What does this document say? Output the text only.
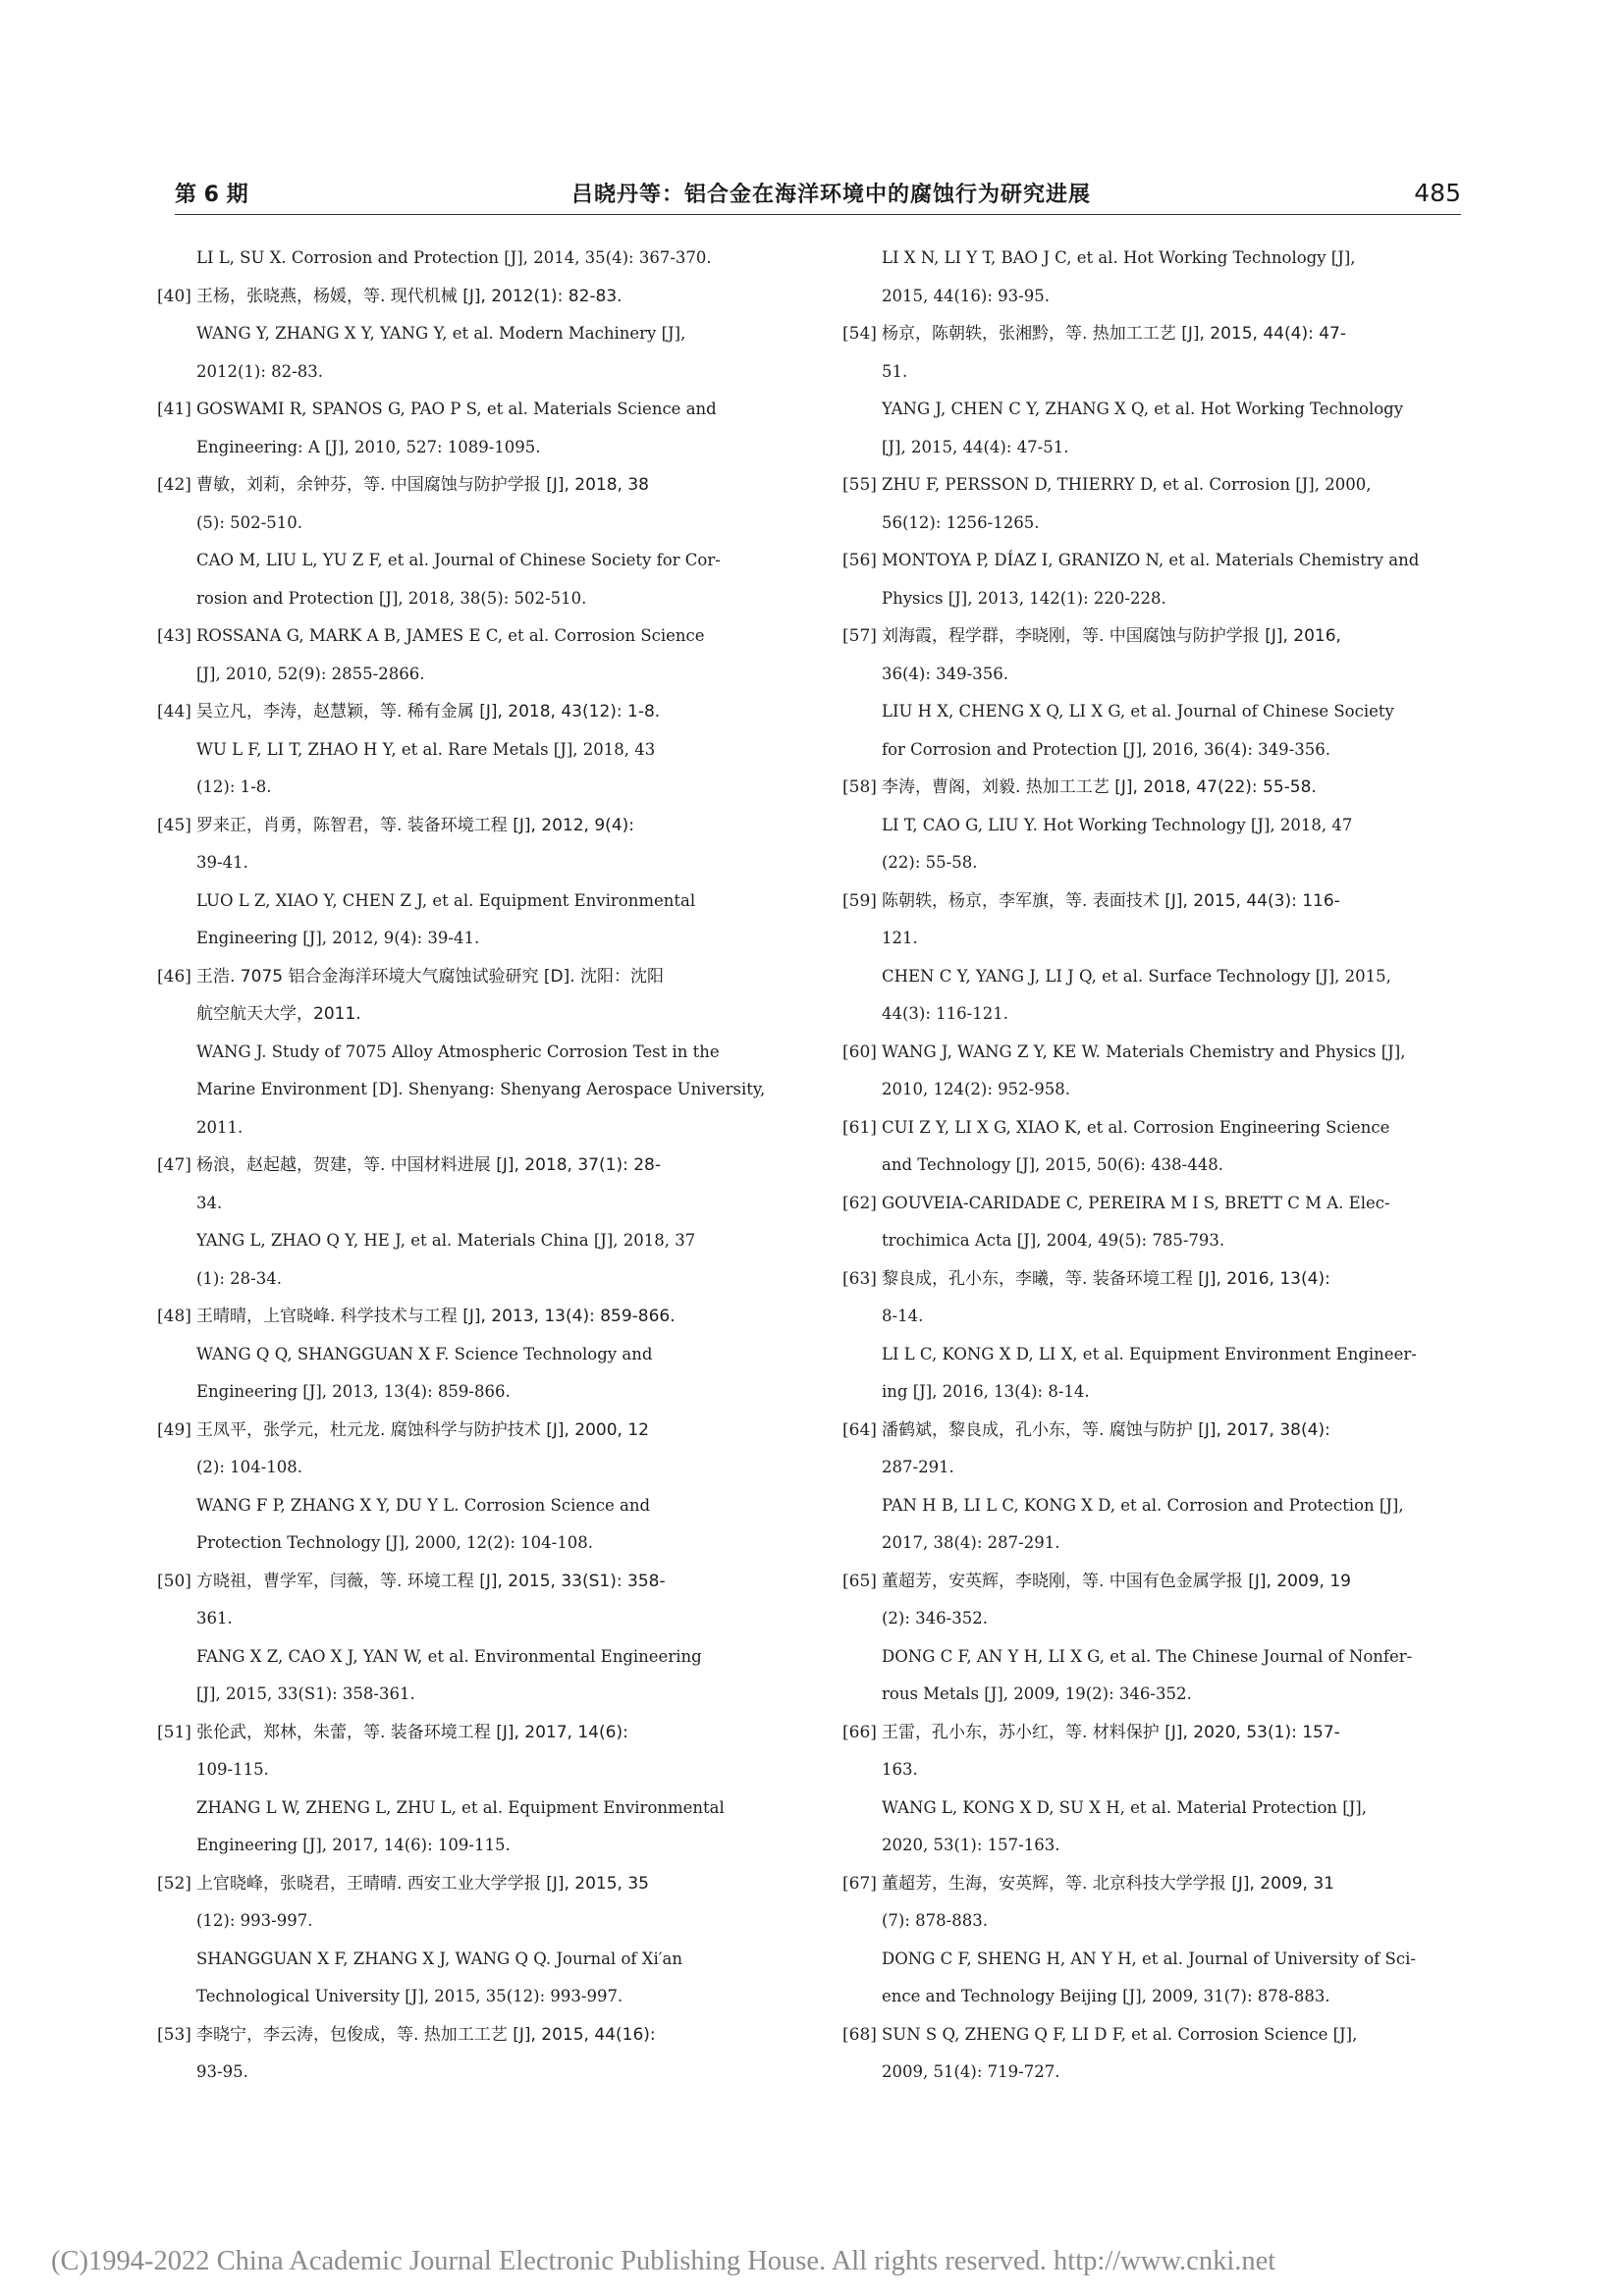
第 6 期	吕晓丹等：铝合金在海洋环境中的腐蚀行为研究进展	485
LI L, SU X. Corrosion and Protection [J], 2014, 35(4): 367-370.
[40] 王杨，张晓燕，杨媛，等. 现代机械 [J], 2012(1): 82-83.
WANG Y, ZHANG X Y, YANG Y, et al. Modern Machinery [J],
2012(1): 82-83.
[41] GOSWAMI R, SPANOS G, PAO P S, et al. Materials Science and
Engineering: A [J], 2010, 527: 1089-1095.
[42] 曹敏，刘莉，余钟芬，等. 中国腐蚀与防护学报 [J], 2018, 38
(5): 502-510.
CAO M, LIU L, YU Z F, et al. Journal of Chinese Society for Cor-
rosion and Protection [J], 2018, 38(5): 502-510.
[43] ROSSANA G, MARK A B, JAMES E C, et al. Corrosion Science
[J], 2010, 52(9): 2855-2866.
[44] 吴立凡，李涛，赵慧颖，等. 稀有金属 [J], 2018, 43(12): 1-8.
WU L F, LI T, ZHAO H Y, et al. Rare Metals [J], 2018, 43
(12): 1-8.
[45] 罗来正，肖勇，陈智君，等. 装备环境工程 [J], 2012, 9(4):
39-41.
LUO L Z, XIAO Y, CHEN Z J, et al. Equipment Environmental
Engineering [J], 2012, 9(4): 39-41.
[46] 王浩. 7075 铝合金海洋环境大气腐蚀试验研究 [D]. 沈阳：沈阳
航空航天大学，2011.
WANG J. Study of 7075 Alloy Atmospheric Corrosion Test in the
Marine Environment [D]. Shenyang: Shenyang Aerospace University,
2011.
[47] 杨浪，赵起越，贺建，等. 中国材料进展 [J], 2018, 37(1): 28-
34.
YANG L, ZHAO Q Y, HE J, et al. Materials China [J], 2018, 37
(1): 28-34.
[48] 王晴晴，上官晓峰. 科学技术与工程 [J], 2013, 13(4): 859-866.
WANG Q Q, SHANGGUAN X F. Science Technology and
Engineering [J], 2013, 13(4): 859-866.
[49] 王凤平，张学元，杜元龙. 腐蚀科学与防护技术 [J], 2000, 12
(2): 104-108.
WANG F P, ZHANG X Y, DU Y L. Corrosion Science and
Protection Technology [J], 2000, 12(2): 104-108.
[50] 方晓祖，曹学军，闫薇，等. 环境工程 [J], 2015, 33(S1): 358-
361.
FANG X Z, CAO X J, YAN W, et al. Environmental Engineering
[J], 2015, 33(S1): 358-361.
[51] 张伦武，郑林，朱蕾，等. 装备环境工程 [J], 2017, 14(6):
109-115.
ZHANG L W, ZHENG L, ZHU L, et al. Equipment Environmental
Engineering [J], 2017, 14(6): 109-115.
[52] 上官晓峰，张晓君，王晴晴. 西安工业大学学报 [J], 2015, 35
(12): 993-997.
SHANGGUAN X F, ZHANG X J, WANG Q Q. Journal of Xi′an
Technological University [J], 2015, 35(12): 993-997.
[53] 李晓宁，李云涛，包俊成，等. 热加工工艺 [J], 2015, 44(16):
93-95.
LI X N, LI Y T, BAO J C, et al. Hot Working Technology [J],
2015, 44(16): 93-95.
[54] 杨京，陈朝轶，张湘黔，等. 热加工工艺 [J], 2015, 44(4): 47-
51.
YANG J, CHEN C Y, ZHANG X Q, et al. Hot Working Technology
[J], 2015, 44(4): 47-51.
[55] ZHU F, PERSSON D, THIERRY D, et al. Corrosion [J], 2000,
56(12): 1256-1265.
[56] MONTOYA P, DÍAZ I, GRANIZO N, et al. Materials Chemistry and
Physics [J], 2013, 142(1): 220-228.
[57] 刘海霞，程学群，李晓刚，等. 中国腐蚀与防护学报 [J], 2016,
36(4): 349-356.
LIU H X, CHENG X Q, LI X G, et al. Journal of Chinese Society
for Corrosion and Protection [J], 2016, 36(4): 349-356.
[58] 李涛，曹阁，刘毅. 热加工工艺 [J], 2018, 47(22): 55-58.
LI T, CAO G, LIU Y. Hot Working Technology [J], 2018, 47
(22): 55-58.
[59] 陈朝轶，杨京，李军旗，等. 表面技术 [J], 2015, 44(3): 116-
121.
CHEN C Y, YANG J, LI J Q, et al. Surface Technology [J], 2015,
44(3): 116-121.
[60] WANG J, WANG Z Y, KE W. Materials Chemistry and Physics [J],
2010, 124(2): 952-958.
[61] CUI Z Y, LI X G, XIAO K, et al. Corrosion Engineering Science
and Technology [J], 2015, 50(6): 438-448.
[62] GOUVEIA-CARIDADE C, PEREIRA M I S, BRETT C M A. Elec-
trochimica Acta [J], 2004, 49(5): 785-793.
[63] 黎良成，孔小东，李曦，等. 装备环境工程 [J], 2016, 13(4):
8-14.
LI L C, KONG X D, LI X, et al. Equipment Environment Engineer-
ing [J], 2016, 13(4): 8-14.
[64] 潘鹤斌，黎良成，孔小东，等. 腐蚀与防护 [J], 2017, 38(4):
287-291.
PAN H B, LI L C, KONG X D, et al. Corrosion and Protection [J],
2017, 38(4): 287-291.
[65] 董超芳，安英辉，李晓刚，等. 中国有色金属学报 [J], 2009, 19
(2): 346-352.
DONG C F, AN Y H, LI X G, et al. The Chinese Journal of Nonfer-
rous Metals [J], 2009, 19(2): 346-352.
[66] 王雷，孔小东，苏小红，等. 材料保护 [J], 2020, 53(1): 157-
163.
WANG L, KONG X D, SU X H, et al. Material Protection [J],
2020, 53(1): 157-163.
[67] 董超芳，生海，安英辉，等. 北京科技大学学报 [J], 2009, 31
(7): 878-883.
DONG C F, SHENG H, AN Y H, et al. Journal of University of Sci-
ence and Technology Beijing [J], 2009, 31(7): 878-883.
[68] SUN S Q, ZHENG Q F, LI D F, et al. Corrosion Science [J],
2009, 51(4): 719-727.
(C)1994-2022 China Academic Journal Electronic Publishing House. All rights reserved. http://www.cnki.net
